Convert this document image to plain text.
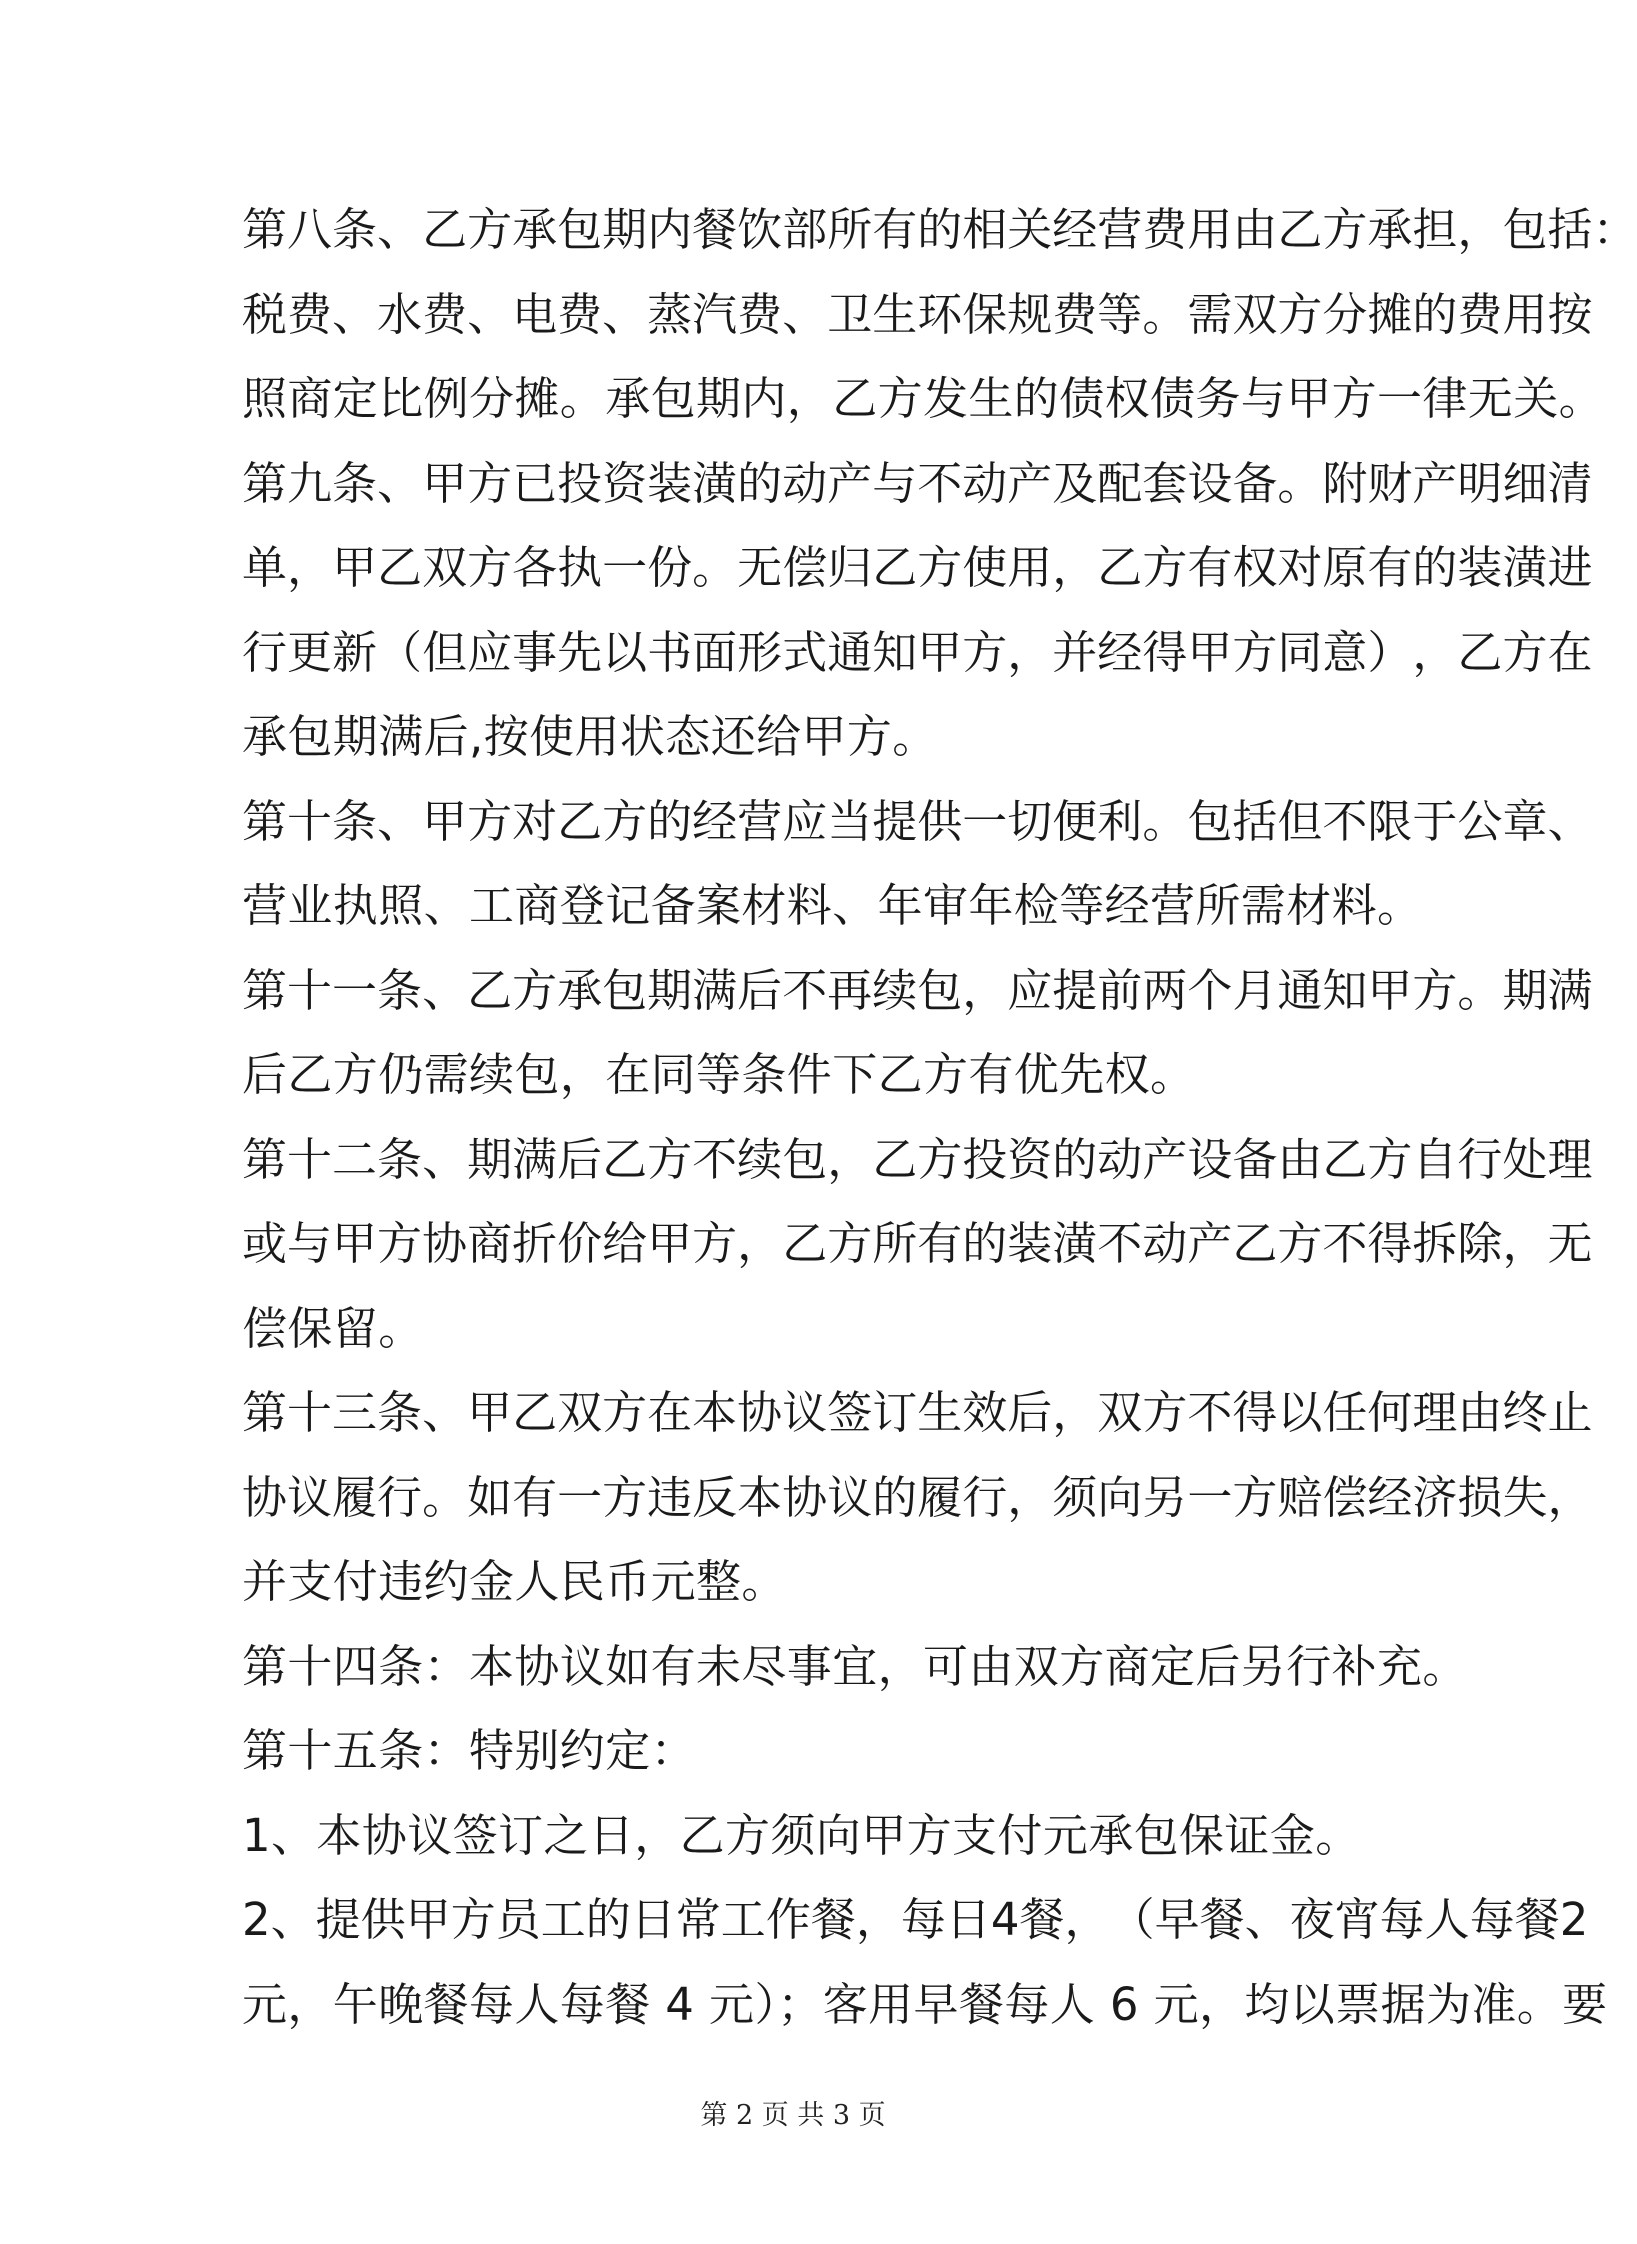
第 八 条 、 乙 方 承 包 期 内 餐 饮 部 所 有 的 相 关 经 营 费 用 由 乙 方 承 担 ， 包 括 ：
税 费 、 水 费 、 电 费 、 蒸 汽 费 、 卫 生 环 保 规 费 等 。 需 双 方 分 摊 的 费 用 按
照商定比例分摊。承包期内，乙方发生的债权债务与甲方一律无关。
第 九 条 、 甲 方 已 投 资 装 潢 的 动 产 与 不 动 产 及 配 套 设 备 。 附 财 产 明 细 清
单 ， 甲 乙 双 方 各 执 一 份 。 无 偿 归 乙 方 使 用 ， 乙 方 有 权 对 原 有 的 装 潢 进
行 更 新 （ 但 应 事 先 以 书 面 形 式 通 知 甲 方 ， 并 经 得 甲 方 同 意 ） ， 乙 方 在
承包期满后,按使用状态还给甲方。
第 十 条 、 甲 方 对 乙 方 的 经 营 应 当 提 供 一 切 便 利 。 包 括 但 不 限 于 公 章 、
营业执照、工商登记备案材料、年审年检等经营所需材料。
第 十 一 条 、 乙 方 承 包 期 满 后 不 再 续 包 ， 应 提 前 两 个 月 通 知 甲 方 。 期 满
后乙方仍需续包，在同等条件下乙方有优先权。
第 十 二 条 、 期 满 后 乙 方 不 续 包 ， 乙 方 投 资 的 动 产 设 备 由 乙 方 自 行 处 理
或 与 甲 方 协 商 折 价 给 甲 方 ， 乙 方 所 有 的 装 潢 不 动 产 乙 方 不 得 拆 除 ， 无
偿保留。
第 十 三 条 、 甲 乙 双 方 在 本 协 议 签 订 生 效 后 ， 双 方 不 得 以 任 何 理 由 终 止
协 议 履 行 。 如 有 一 方 违 反 本 协 议 的 履 行 ， 须 向 另 一 方 赔 偿 经 济 损 失 ，
并支付违约金人民币元整。
第十四条：本协议如有未尽事宜，可由双方商定后另行补充。
第十五条：特别约定：
1、本协议签订之日，乙方须向甲方支付元承包保证金。
2 、 提 供 甲 方 员 工 的 日 常 工 作 餐 ， 每 日 4 餐 ， （ 早 餐 、 夜 宵 每 人 每 餐 2
元，午晚餐每人每餐 4 元）；客用早餐每人 6 元，均以票据为准。要
第 2 页 共 3 页
